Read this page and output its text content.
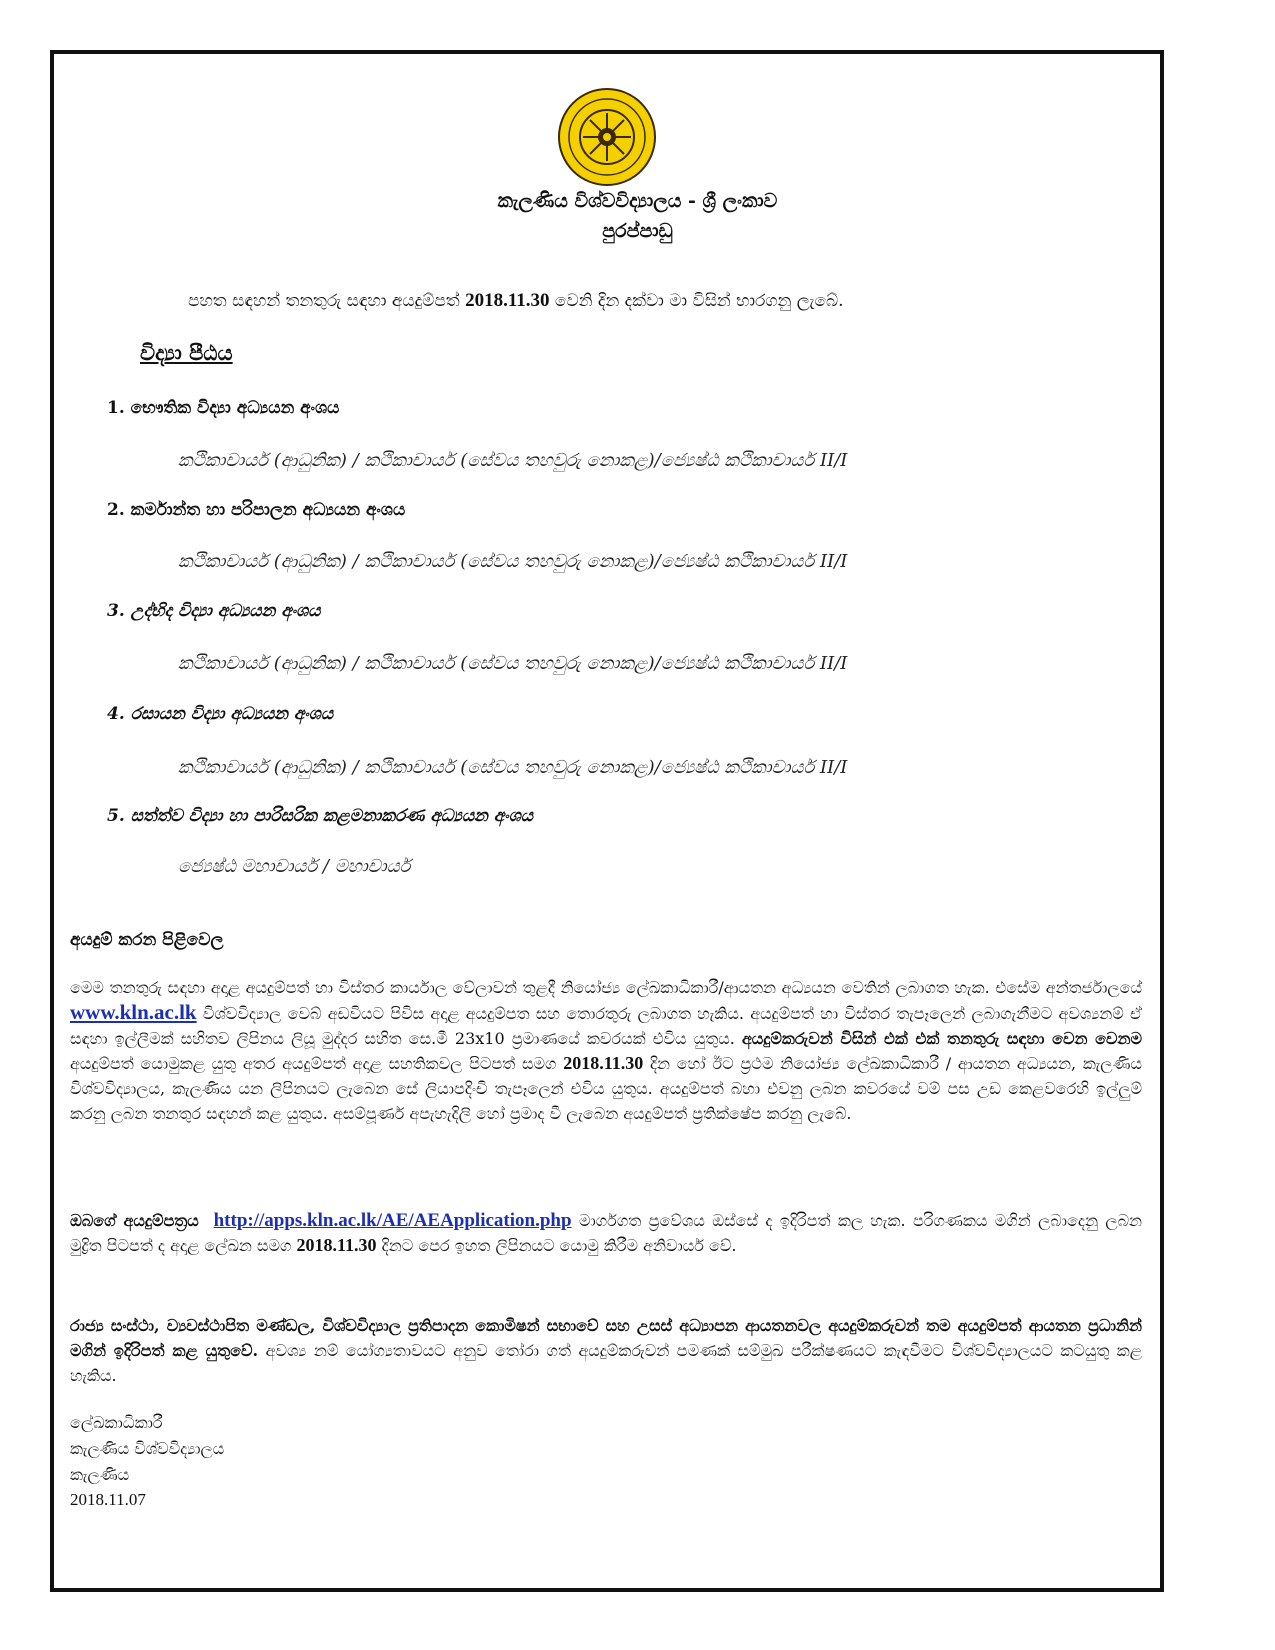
කැලණිය විශ්වවිද්‍යාලය - ශ්‍රී ලංකාව
පුරප්පාඩු
පහත සඳහන් තනතුරු සඳහා අයදුම්පත් 2018.11.30 වෙනි දින දක්වා මා විසින් භාරගනු ලැබේ.
විද්‍යා පීඨය
1. භෞතික විද්‍යා අධ්‍යයන අංශය
කථිකාචාර්ය (ආධුනික) / කථිකාචාර්ය (සේවය තහවුරු නොකළ)/ජ්‍යෙෂ්ඨ කථිකාචාර්ය II/I
2. කර්මාන්ත හා පරිපාලන අධ්‍යයන අංශය
කථිකාචාර්ය (ආධුනික) / කථිකාචාර්ය (සේවය තහවුරු නොකළ)/ජ්‍යෙෂ්ඨ කථිකාචාර්ය II/I
3. උද්භිද විද්‍යා අධ්‍යයන අංශය
කථිකාචාර්ය (ආධුනික) / කථිකාචාර්ය (සේවය තහවුරු නොකළ)/ජ්‍යෙෂ්ඨ කථිකාචාර්ය II/I
4. රසායන විද්‍යා අධ්‍යයන අංශය
කථිකාචාර්ය (ආධුනික) / කථිකාචාර්ය (සේවය තහවුරු නොකළ)/ජ්‍යෙෂ්ඨ කථිකාචාර්ය II/I
5. සත්ත්ව විද්‍යා හා පාරිසරික කළමනාකරණ අධ්‍යයන අංශය
ජ්‍යෙෂ්ඨ මහාචාර්ය / මහාචාර්ය
අයදුම් කරන පිළිවෙල
මෙම තනතුරු සඳහා අදාළ අයදුම්පත් හා විස්තර කාර්යාල වේලාවන් තුළදී නියෝජ්‍ය ලේඛකාධිකාරී/ආයතන අධ්‍යයන වෙතින් ලබාගත හැක. එසේම අන්තර්ජාලයේ www.kln.ac.lk විශ්වවිද්‍යාල වෙබ් අඩවියට පිවිස අදාළ අයදුම්පත සහ තොරතුරු ලබාගත හැකිය. අයදුම්පත් හා විස්තර තැපෑලෙන් ලබාගැනීමට අවශ්‍යනම් ඒ සඳහා ඉල්ලීමක් සහිතව ලිපිනය ලියූ මුද්දර සහිත සෙ.මී 23x10 ප්‍රමාණයේ කවරයක් එවිය යුතුය. අයදුම්කරුවන් විසින් එක් එක් තනතුරු සඳහා වෙන වෙනම අයදුම්පත් යොමුකළ යුතු අතර අයදුම්පත් අදාළ සහතිකවල පිටපත් සමග 2018.11.30 දින හෝ ඊට ප්‍රථම නියෝජ්‍ය ලේඛකාධිකාරී / ආයතන අධ්‍යයන, කැලණිය විශ්වවිද්‍යාලය, කැලණිය යන ලිපිනයට ලැබෙන සේ ලියාපදිංචි තැපෑලෙන් එවිය යුතුය. අයදුම්පත් බහා එවනු ලබන කවරයේ වම් පස උඩ කෙළවරෙහි ඉල්ලුම් කරනු ලබන තනතුර සඳහන් කළ යුතුය. අසම්පූර්ණ අපැහැදිලි හෝ ප්‍රමාද වී ලැබෙන අයදුම්පත් ප්‍රතික්ෂේප කරනු ලැබේ.
ඔබගේ අයදුම්පත්‍රය http://apps.kln.ac.lk/AE/AEApplication.php මාර්ගගත ප්‍රවේශය ඔස්සේ ද ඉදිරිපත් කල හැක. පරිගණකය මගින් ලබාදෙනු ලබන මුද්‍රිත පිටපත් ද අදාළ ලේඛන සමග 2018.11.30 දිනට පෙර ඉහත ලිපිනයට යොමු කිරීම අනිවාර්ය වේ.
රාජ්‍ය සංස්ථා, ව්‍යවස්ථාපිත මණ්ඩල, විශ්වවිද්‍යාල ප්‍රතිපාදන කොමිෂන් සභාවේ සහ උසස් අධ්‍යාපන ආයතනවල අයදුම්කරුවන් තම අයදුම්පත් ආයතන ප්‍රධානින් මගින් ඉදිරිපත් කළ යුතුවේ. අවශ්‍ය නම් යෝග්‍යතාවයට අනුව තෝරා ගත් අයදුම්කරුවන් පමණක් සම්මුඛ පරීක්ෂණයට කැඳවීමට විශ්වවිද්‍යාලයට කටයුතු කළ හැකිය.
ලේඛකාධිකාරී
කැලණිය විශ්වවිද්‍යාලය
කැලණිය
2018.11.07
